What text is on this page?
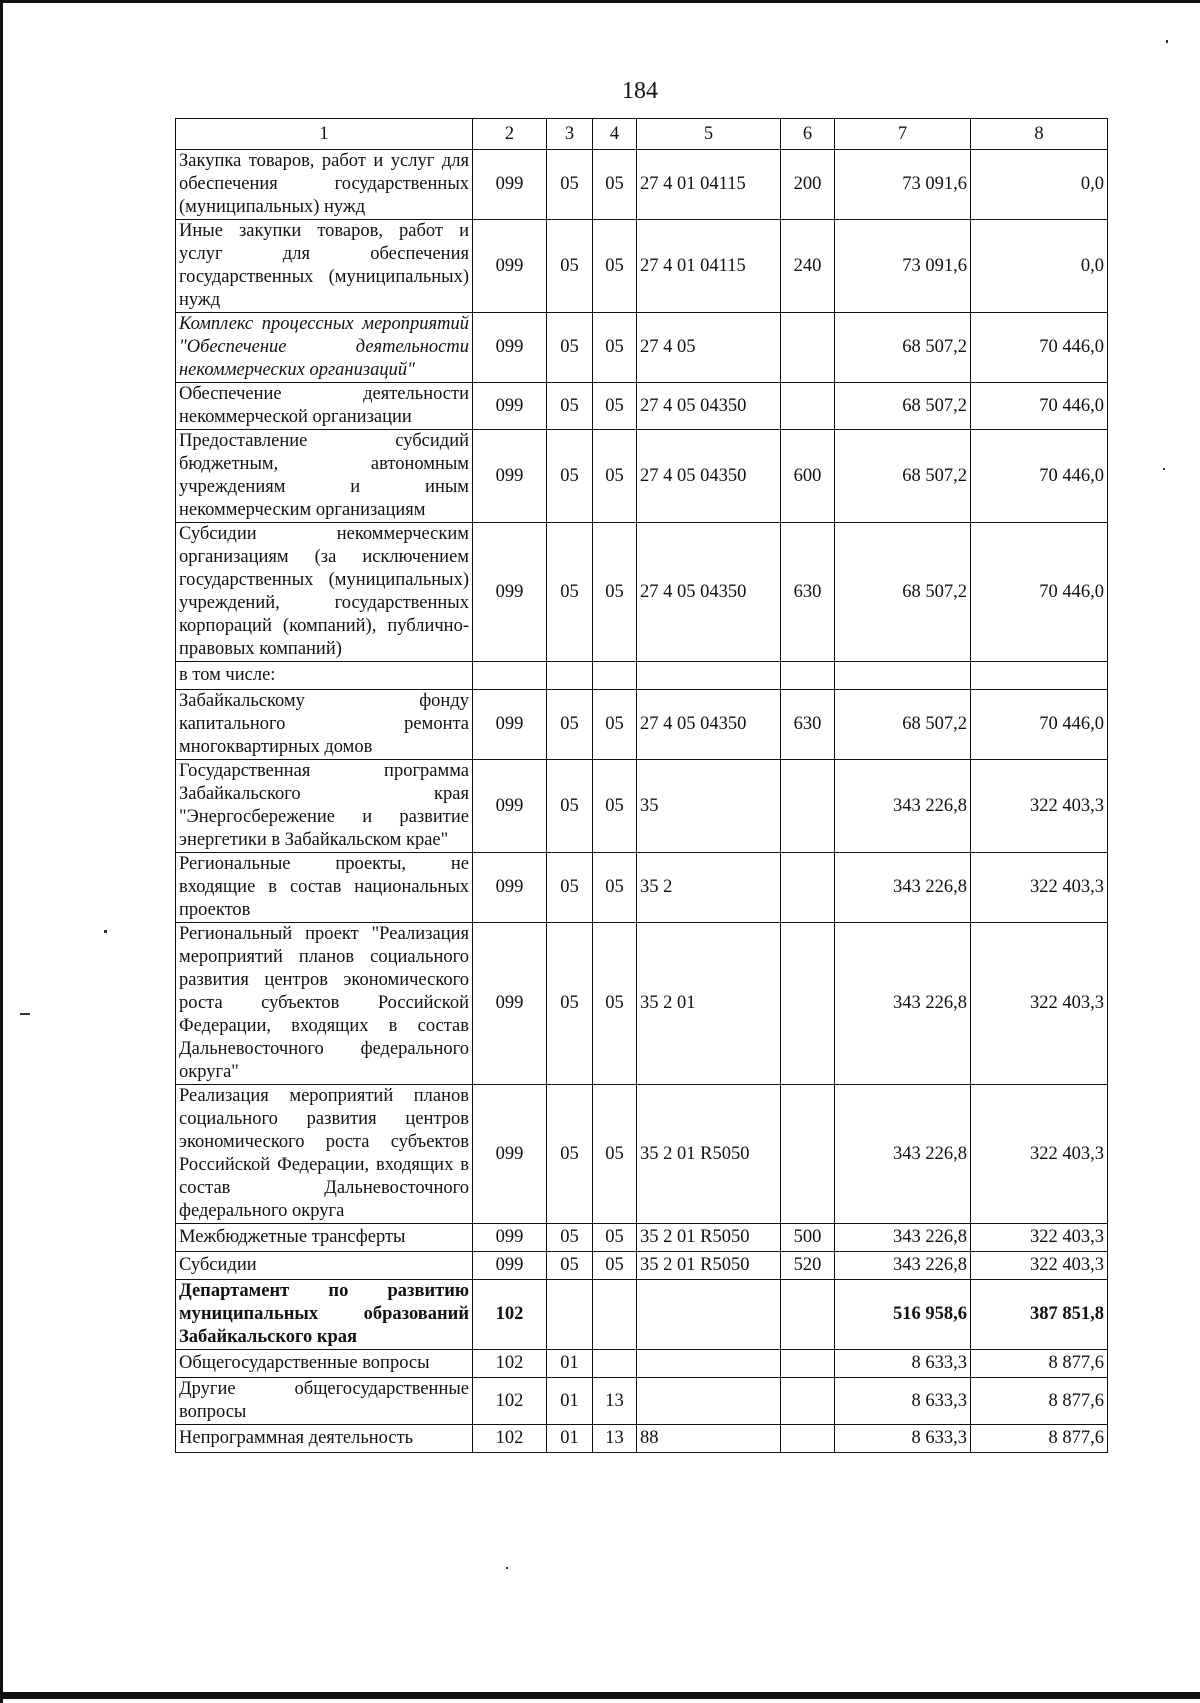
184
1	2	3	4	5	6	7	8
Закупка товаров, работ и услуг для обеспечения государственных (муниципальных) нужд	099	05	05	27 4 01 04115	200	73 091,6	0,0
Иные закупки товаров, работ и услуг для обеспечения государственных (муниципальных) нужд	099	05	05	27 4 01 04115	240	73 091,6	0,0
Комплекс процессных мероприятий "Обеспечение деятельности некоммерческих организаций"	099	05	05	27 4 05		68 507,2	70 446,0
Обеспечение деятельности некоммерческой организации	099	05	05	27 4 05 04350		68 507,2	70 446,0
Предоставление субсидий бюджетным, автономным учреждениям и иным некоммерческим организациям	099	05	05	27 4 05 04350	600	68 507,2	70 446,0
Субсидии некоммерческим организациям (за исключением государственных (муниципальных) учреждений, государственных корпораций (компаний), публично-правовых компаний)	099	05	05	27 4 05 04350	630	68 507,2	70 446,0
в том числе:							
Забайкальскому фонду капитального ремонта многоквартирных домов	099	05	05	27 4 05 04350	630	68 507,2	70 446,0
Государственная программа Забайкальского края "Энергосбережение и развитие энергетики в Забайкальском крае"	099	05	05	35		343 226,8	322 403,3
Региональные проекты, не входящие в состав национальных проектов	099	05	05	35 2		343 226,8	322 403,3
Региональный проект "Реализация мероприятий планов социального развития центров экономического роста субъектов Российской Федерации, входящих в состав Дальневосточного федерального округа"	099	05	05	35 2 01		343 226,8	322 403,3
Реализация мероприятий планов социального развития центров экономического роста субъектов Российской Федерации, входящих в состав Дальневосточного федерального округа	099	05	05	35 2 01 R5050		343 226,8	322 403,3
Межбюджетные трансферты	099	05	05	35 2 01 R5050	500	343 226,8	322 403,3
Субсидии	099	05	05	35 2 01 R5050	520	343 226,8	322 403,3
Департамент по развитию муниципальных образований Забайкальского края	102					516 958,6	387 851,8
Общегосударственные вопросы	102	01				8 633,3	8 877,6
Другие общегосударственные вопросы	102	01	13			8 633,3	8 877,6
Непрограммная деятельность	102	01	13	88		8 633,3	8 877,6
